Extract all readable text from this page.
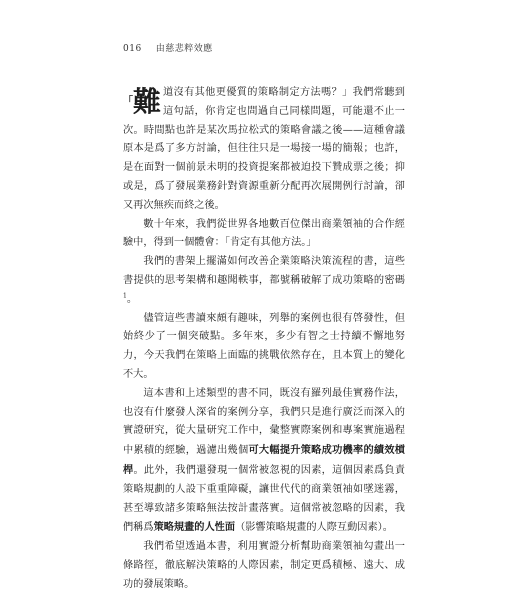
016 由慈悲粹效應

「難 道沒有其他更優質的策略制定方法嗎？」我們常聽到這句話，你肯定也問過自己同樣問題，可能還不止一次。時間點也許是某次馬拉松式的策略會議之後——這種會議原本是爲了多方討論，但往往只是一場接一場的簡報；也許，是在面對一個前景未明的投資提案都被迫投下贊成票之後；抑或是，爲了發展業務針對資源重新分配再次展開例行討論，卻又再次無疾而終之後。

數十年來，我們從世界各地數百位傑出商業領袖的合作經驗中，得到一個體會：「肯定有其他方法。」

我們的書架上擺滿如何改善企業策略決策流程的書，這些書提供的思考架構和趣聞軼事，都號稱破解了成功策略的密碼$^1$。

儘管這些書讀來頗有趣味，列舉的案例也很有啓發性，但始終少了一個突破點。多年來，多少有智之士持續不懈地努力，今天我們在策略上面臨的挑戰依然存在，且本質上的變化不大。

這本書和上述類型的書不同，既沒有羅列最佳實務作法，也沒有什麼發人深省的案例分享，我們只是進行廣泛而深入的實證研究，從大量研究工作中，彙整實際案例和專案實施過程中累積的經驗，過濾出幾個可大幅提升策略成功機率的績效槓桿。此外，我們還發現一個常被忽視的因素，這個因素爲負責策略規劃的人設下重重障礙，讓世代代的商業領袖如墜迷霧，甚至導致諸多策略無法按計畫落實。這個常被忽略的因素，我們稱爲策略規畫的人性面（影響策略規畫的人際互動因素）。

我們希望透過本書，利用實證分析幫助商業領袖勾畫出一條路徑，徹底解決策略的人際因素，制定更爲積極、遠大、成功的發展策略。
